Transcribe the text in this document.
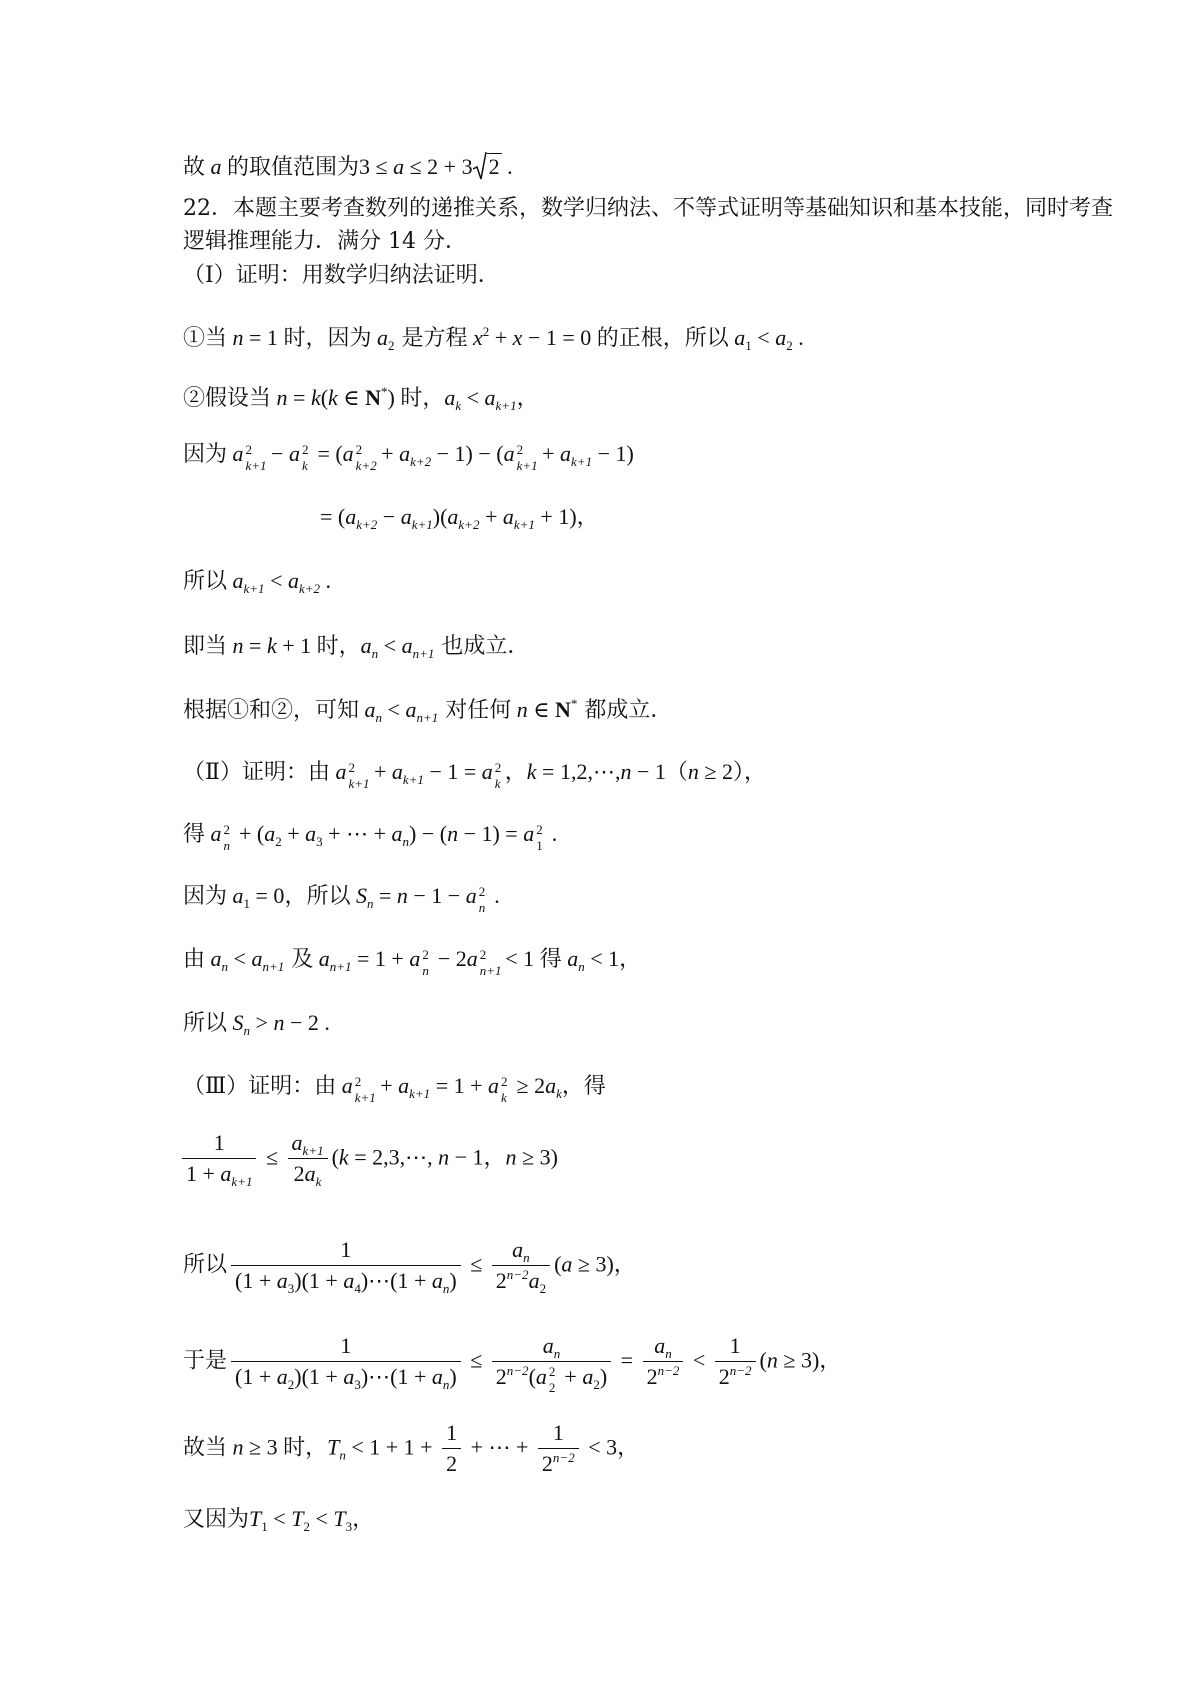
故 a 的取值范围为3 ≤ a ≤ 2 + 3 2 .
22．本题主要考查数列的递推关系，数学归纳法、不等式证明等基础知识和基本技能，同时考查
逻辑推理能力．满分 14 分．
（Ⅰ）证明：用数学归纳法证明．
①当 n = 1 时，因为 $a_2$ 是方程 $x^2 + x - 1 = 0$ 的正根，所以 $a_1 < a_2$ .
②假设当 n = k(k ∈ N*) 时，$a_k < a_{k+1}$，
因为 a 2
k+1
− a 2
k = (a 2
k+2
+ $a_{k+2} - 1) - (a$ 2
k+1
+ $a_{k+1} - 1$)
= $(a_{k+2} - a_{k+1})(a_{k+2} + a_{k+1} + 1)$，
所以 $a_{k+1} < a_{k+2}$ .
即当 n = k + 1 时，$a_n < a_{n+1}$ 也成立．
根据①和②，可知 $a_n < a_{n+1}$ 对任何 n ∈ N* 都成立．
（Ⅱ）证明：由 a 2
k+1
+ $a_{k+1} - 1 = a$ 2
k ，k = 1,2,⋯,n − 1（n ≥ 2），
得 a 2
$n + (a_2 + a_3$ + ⋯ + $a_n) - (n - 1) = a$ 2
1 .
因为 $a_1 = 0$，所以 $S_n = n - 1 - a$ 2
n .
由 $a_n < a_{n+1}$ 及 $a_{n+1} = 1 + a$ 2
n − 2a 2
n+1
< 1 得 $a_n < 1$，
所以 $S_n > n - 2$ .
（Ⅲ）证明：由 a 2
k+1
+ $a_{k+1} = 1 + a$ 2
$k \ge 2a_k$，得
$\frac{1}{1 + a_{k+1}} \le \frac{a_{k+1}}{2a_k} (k$ = 2,3,⋯, n − 1，n ≥ 3)
所以 $\frac{1}{(1 + a_3)(1 + a_4)\cdots(1 + a_n)} \le \frac{a_n}{2^{n-2}a_2} (a \ge 3)$，
于是 $\frac{1}{(1 + a_2)(1 + a_3)\cdots(1 + a_n)} \le a_n$
$2^{n-2}(a$ 2
$2 + a_2) = \frac{a_n}{2^{n-2}} < \frac{1}{2^{n-2}} (n \ge 3)$，
故当 n ≥ 3 时，$T_n < 1 + 1 + \frac{1}{2}$ + ⋯ + $\frac{1}{2^{n-2}} < 3$，
又因为$T_1 < T_2 < T_3$，
